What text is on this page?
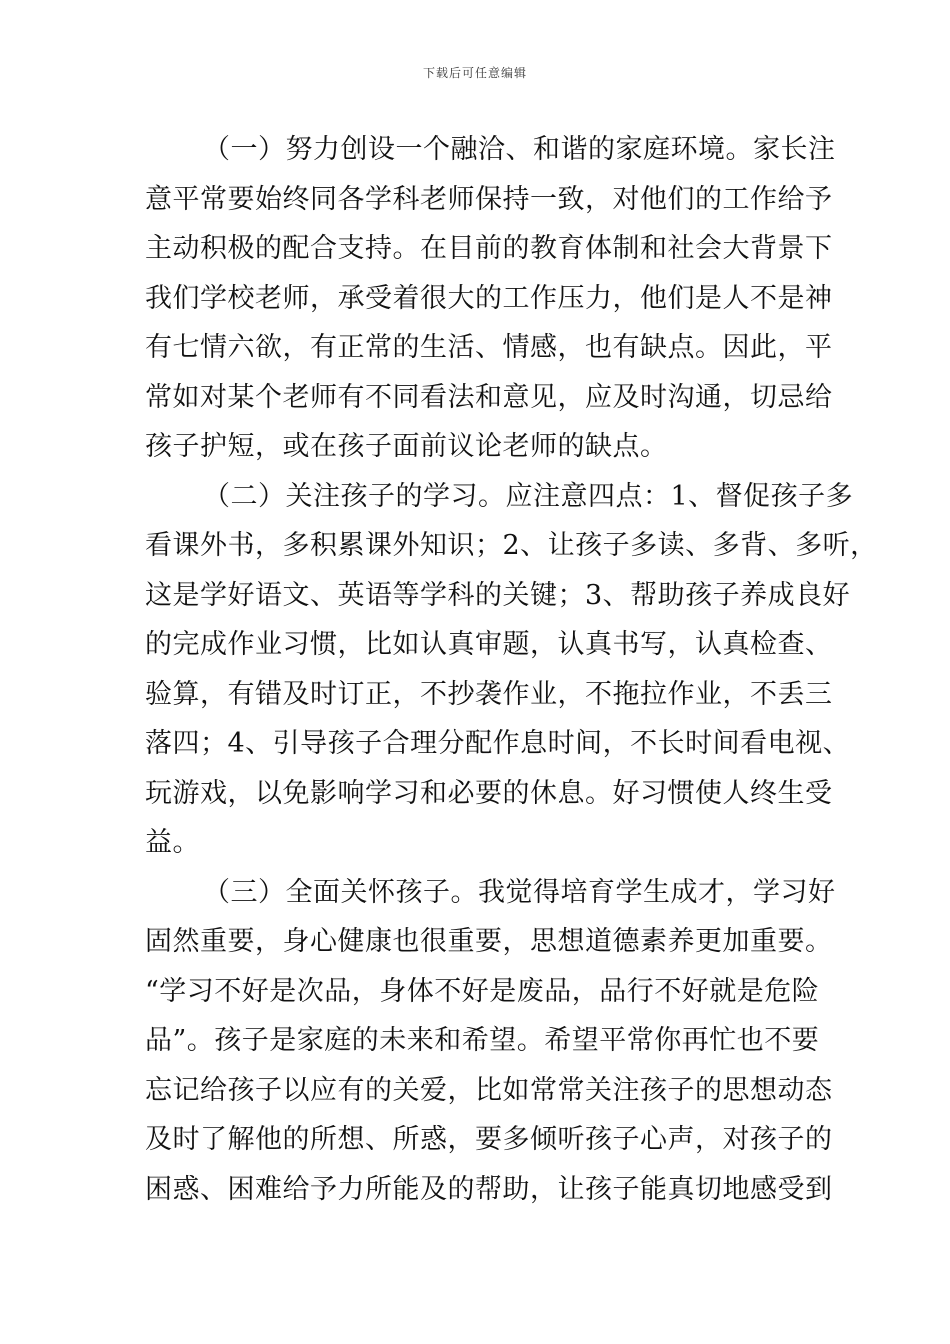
下载后可任意编辑
（一）努力创设一个融洽、和谐的家庭环境。家长注
意平常要始终同各学科老师保持一致，对他们的工作给予
主动积极的配合支持。在目前的教育体制和社会大背景下
我们学校老师，承受着很大的工作压力，他们是人不是神
有七情六欲，有正常的生活、情感，也有缺点。因此，平
常如对某个老师有不同看法和意见，应及时沟通，切忌给
孩子护短，或在孩子面前议论老师的缺点。
（二）关注孩子的学习。应注意四点：1、督促孩子多
看课外书，多积累课外知识；2、让孩子多读、多背、多听，
这是学好语文、英语等学科的关键；3、帮助孩子养成良好
的完成作业习惯，比如认真审题，认真书写，认真检查、
验算，有错及时订正，不抄袭作业，不拖拉作业，不丢三
落四；4、引导孩子合理分配作息时间，不长时间看电视、
玩游戏，以免影响学习和必要的休息。好习惯使人终生受
益。
（三）全面关怀孩子。我觉得培育学生成才，学习好
固然重要，身心健康也很重要，思想道德素养更加重要。
“学习不好是次品，身体不好是废品，品行不好就是危险
品”。孩子是家庭的未来和希望。希望平常你再忙也不要
忘记给孩子以应有的关爱，比如常常关注孩子的思想动态
及时了解他的所想、所惑，要多倾听孩子心声，对孩子的
困惑、困难给予力所能及的帮助，让孩子能真切地感受到
